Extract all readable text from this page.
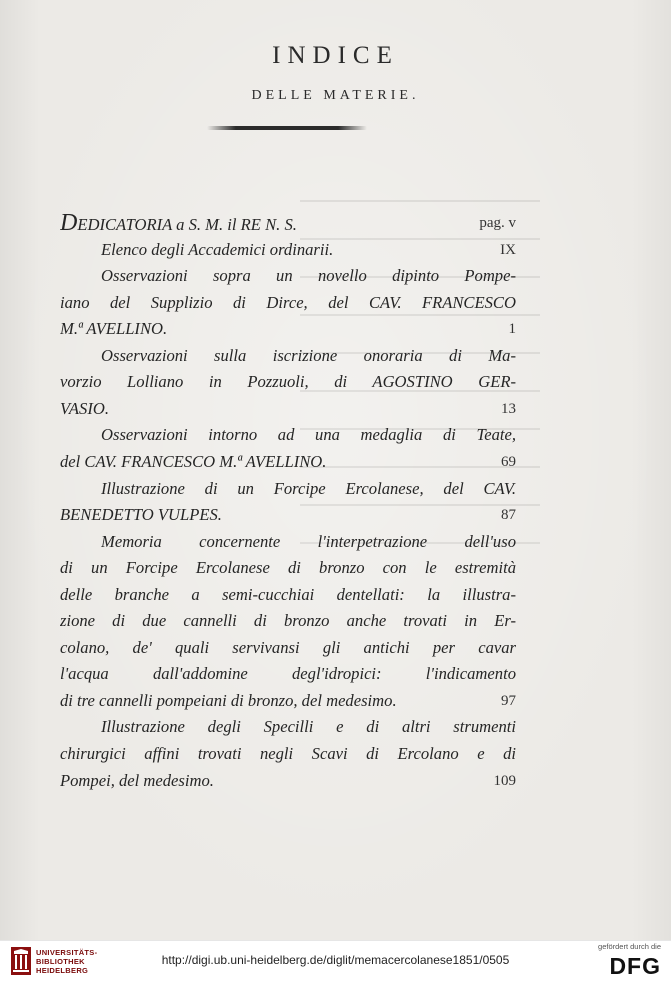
INDICE
DELLE MATERIE.
DEDICATORIA a S. M. il RE N. S.	pag. v
Elenco degli Accademici ordinarii.	IX
Osservazioni sopra un novello dipinto Pompe-
iano del Supplizio di Dirce, del CAV. FRANCESCO
M.ª AVELLINO.	1
Osservazioni sulla iscrizione onoraria di Ma-
vorzio Lolliano in Pozzuoli, di AGOSTINO GER-
VASIO.	13
Osservazioni intorno ad una medaglia di Teate,
del CAV. FRANCESCO M.ª AVELLINO.	69
Illustrazione di un Forcipe Ercolanese, del CAV.
BENEDETTO VULPES.	87
Memoria concernente l'interpetrazione dell'uso
di un Forcipe Ercolanese di bronzo con le estremità
delle branche a semi-cucchiai dentellati: la illustra-
zione di due cannelli di bronzo anche trovati in Er-
colano, de' quali servivansi gli antichi per cavar
l'acqua dall'addomine degl'idropici: l'indicamento
di tre cannelli pompeiani di bronzo, del medesimo.	97
Illustrazione degli Specilli e di altri strumenti
chirurgici affini trovati negli Scavi di Ercolano e di
Pompei, del medesimo.	109
UNIVERSITÄTS-
BIBLIOTHEK
HEIDELBERG
http://digi.ub.uni-heidelberg.de/diglit/memacercolanese1851/0505
gefördert durch die
DFG
